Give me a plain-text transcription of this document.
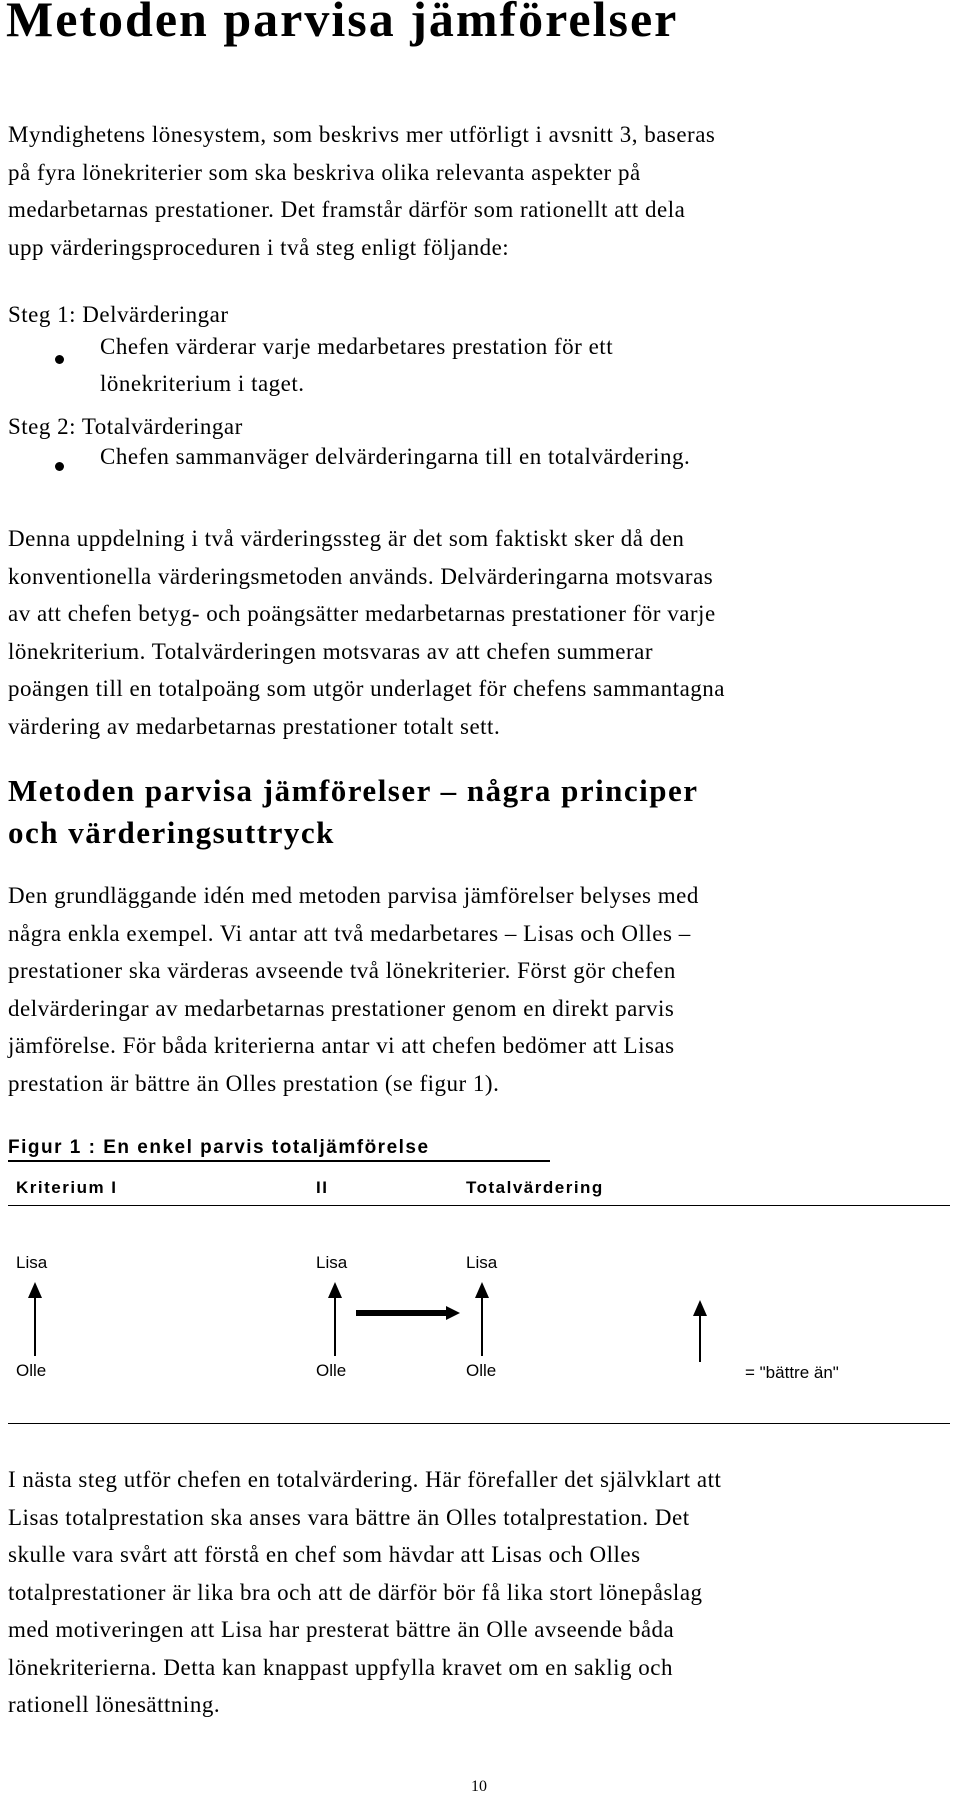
Metoden parvisa jämförelser
Myndighetens lönesystem, som beskrivs mer utförligt i avsnitt 3, baseras
på fyra lönekriterier som ska beskriva olika relevanta aspekter på
medarbetarnas prestationer. Det framstår därför som rationellt att dela
upp värderingsproceduren i två steg enligt följande:
Steg 1: Delvärderingar
Chefen värderar varje medarbetares prestation för ett
lönekriterium i taget.
Steg 2: Totalvärderingar
Chefen sammanväger delvärderingarna till en totalvärdering.
Denna uppdelning i två värderingssteg är det som faktiskt sker då den
konventionella värderingsmetoden används. Delvärderingarna motsvaras
av att chefen betyg- och poängsätter medarbetarnas prestationer för varje
lönekriterium. Totalvärderingen motsvaras av att chefen summerar
poängen till en totalpoäng som utgör underlaget för chefens sammantagna
värdering av medarbetarnas prestationer totalt sett.
Metoden parvisa jämförelser – några principer
och värderingsuttryck
Den grundläggande idén med metoden parvisa jämförelser belyses med
några enkla exempel. Vi antar att två medarbetares – Lisas och Olles –
prestationer ska värderas avseende två lönekriterier. Först gör chefen
delvärderingar av medarbetarnas prestationer genom en direkt parvis
jämförelse. För båda kriterierna antar vi att chefen bedömer att Lisas
prestation är bättre än Olles prestation (se figur 1).
Figur 1 : En enkel parvis totaljämförelse
Kriterium I	II	Totalvärdering
Lisa	Lisa	Lisa
Olle	Olle	Olle	= "bättre än"
I nästa steg utför chefen en totalvärdering. Här förefaller det självklart att
Lisas totalprestation ska anses vara bättre än Olles totalprestation. Det
skulle vara svårt att förstå en chef som hävdar att Lisas och Olles
totalprestationer är lika bra och att de därför bör få lika stort lönepåslag
med motiveringen att Lisa har presterat bättre än Olle avseende båda
lönekriterierna. Detta kan knappast uppfylla kravet om en saklig och
rationell lönesättning.
10
